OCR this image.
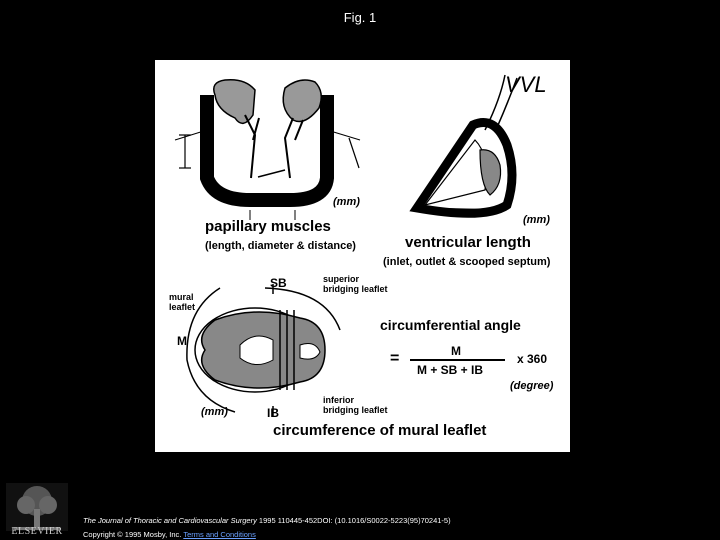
Fig. 1
(mm)
papillary muscles
(length, diameter & distance)
VVL
(mm)
ventricular length
(inlet, outlet & scooped septum)
SB	superior
bridging leaflet
mural
leaflet
M
inferior
bridging leaflet
(mm)	IB
circumference of mural leaflet
circumferential angle
=	M
M + SB + IB
x 360
(degree)
ELSEVIER
The Journal of Thoracic and Cardiovascular Surgery 1995 110445-452DOI: (10.1016/S0022-5223(95)70241-5)
Copyright © 1995 Mosby, Inc. Terms and Conditions
